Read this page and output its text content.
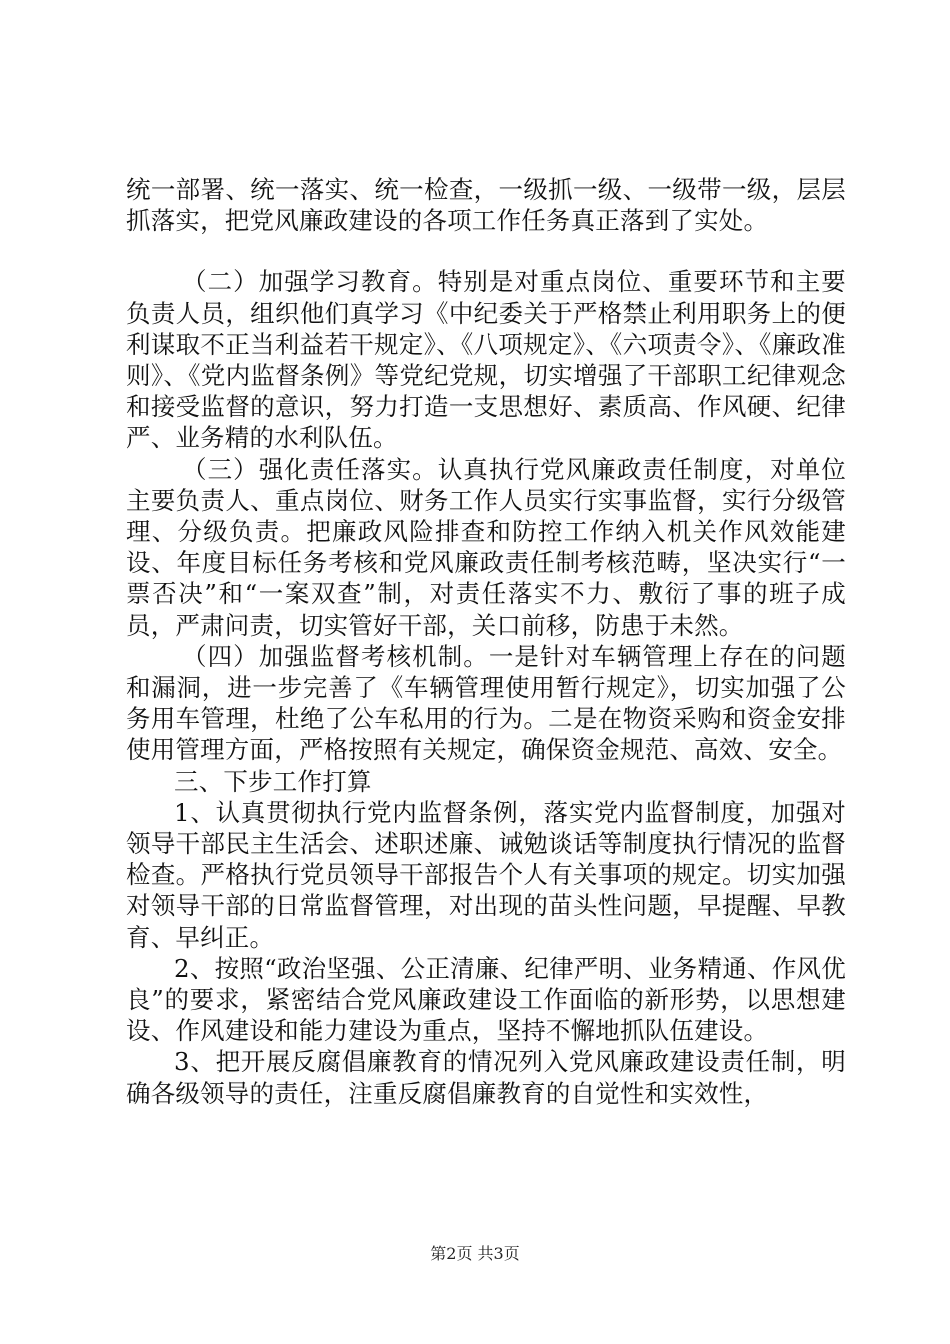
统一部署、统一落实、统一检查，一级抓一级、一级带一级，层层抓落实，把党风廉政建设的各项工作任务真正落到了实处。

（二）加强学习教育。特别是对重点岗位、重要环节和主要负责人员，组织他们真学习《中纪委关于严格禁止利用职务上的便利谋取不正当利益若干规定》、《八项规定》、《六项责令》、《廉政准则》、《党内监督条例》等党纪党规，切实增强了干部职工纪律观念和接受监督的意识，努力打造一支思想好、素质高、作风硬、纪律严、业务精的水利队伍。

（三）强化责任落实。认真执行党风廉政责任制度，对单位主要负责人、重点岗位、财务工作人员实行实事监督，实行分级管理、分级负责。把廉政风险排查和防控工作纳入机关作风效能建设、年度目标任务考核和党风廉政责任制考核范畴，坚决实行“一票否决”和“一案双查”制，对责任落实不力、敷衍了事的班子成员，严肃问责，切实管好干部，关口前移，防患于未然。

（四）加强监督考核机制。一是针对车辆管理上存在的问题和漏洞，进一步完善了《车辆管理使用暂行规定》，切实加强了公务用车管理，杜绝了公车私用的行为。二是在物资采购和资金安排使用管理方面，严格按照有关规定，确保资金规范、高效、安全。

三、下步工作打算

1、认真贯彻执行党内监督条例，落实党内监督制度，加强对领导干部民主生活会、述职述廉、诫勉谈话等制度执行情况的监督检查。严格执行党员领导干部报告个人有关事项的规定。切实加强对领导干部的日常监督管理，对出现的苗头性问题，早提醒、早教育、早纠正。

2、按照“政治坚强、公正清廉、纪律严明、业务精通、作风优良”的要求，紧密结合党风廉政建设工作面临的新形势，以思想建设、作风建设和能力建设为重点，坚持不懈地抓队伍建设。

3、把开展反腐倡廉教育的情况列入党风廉政建设责任制，明确各级领导的责任，注重反腐倡廉教育的自觉性和实效性，

第2页 共3页
